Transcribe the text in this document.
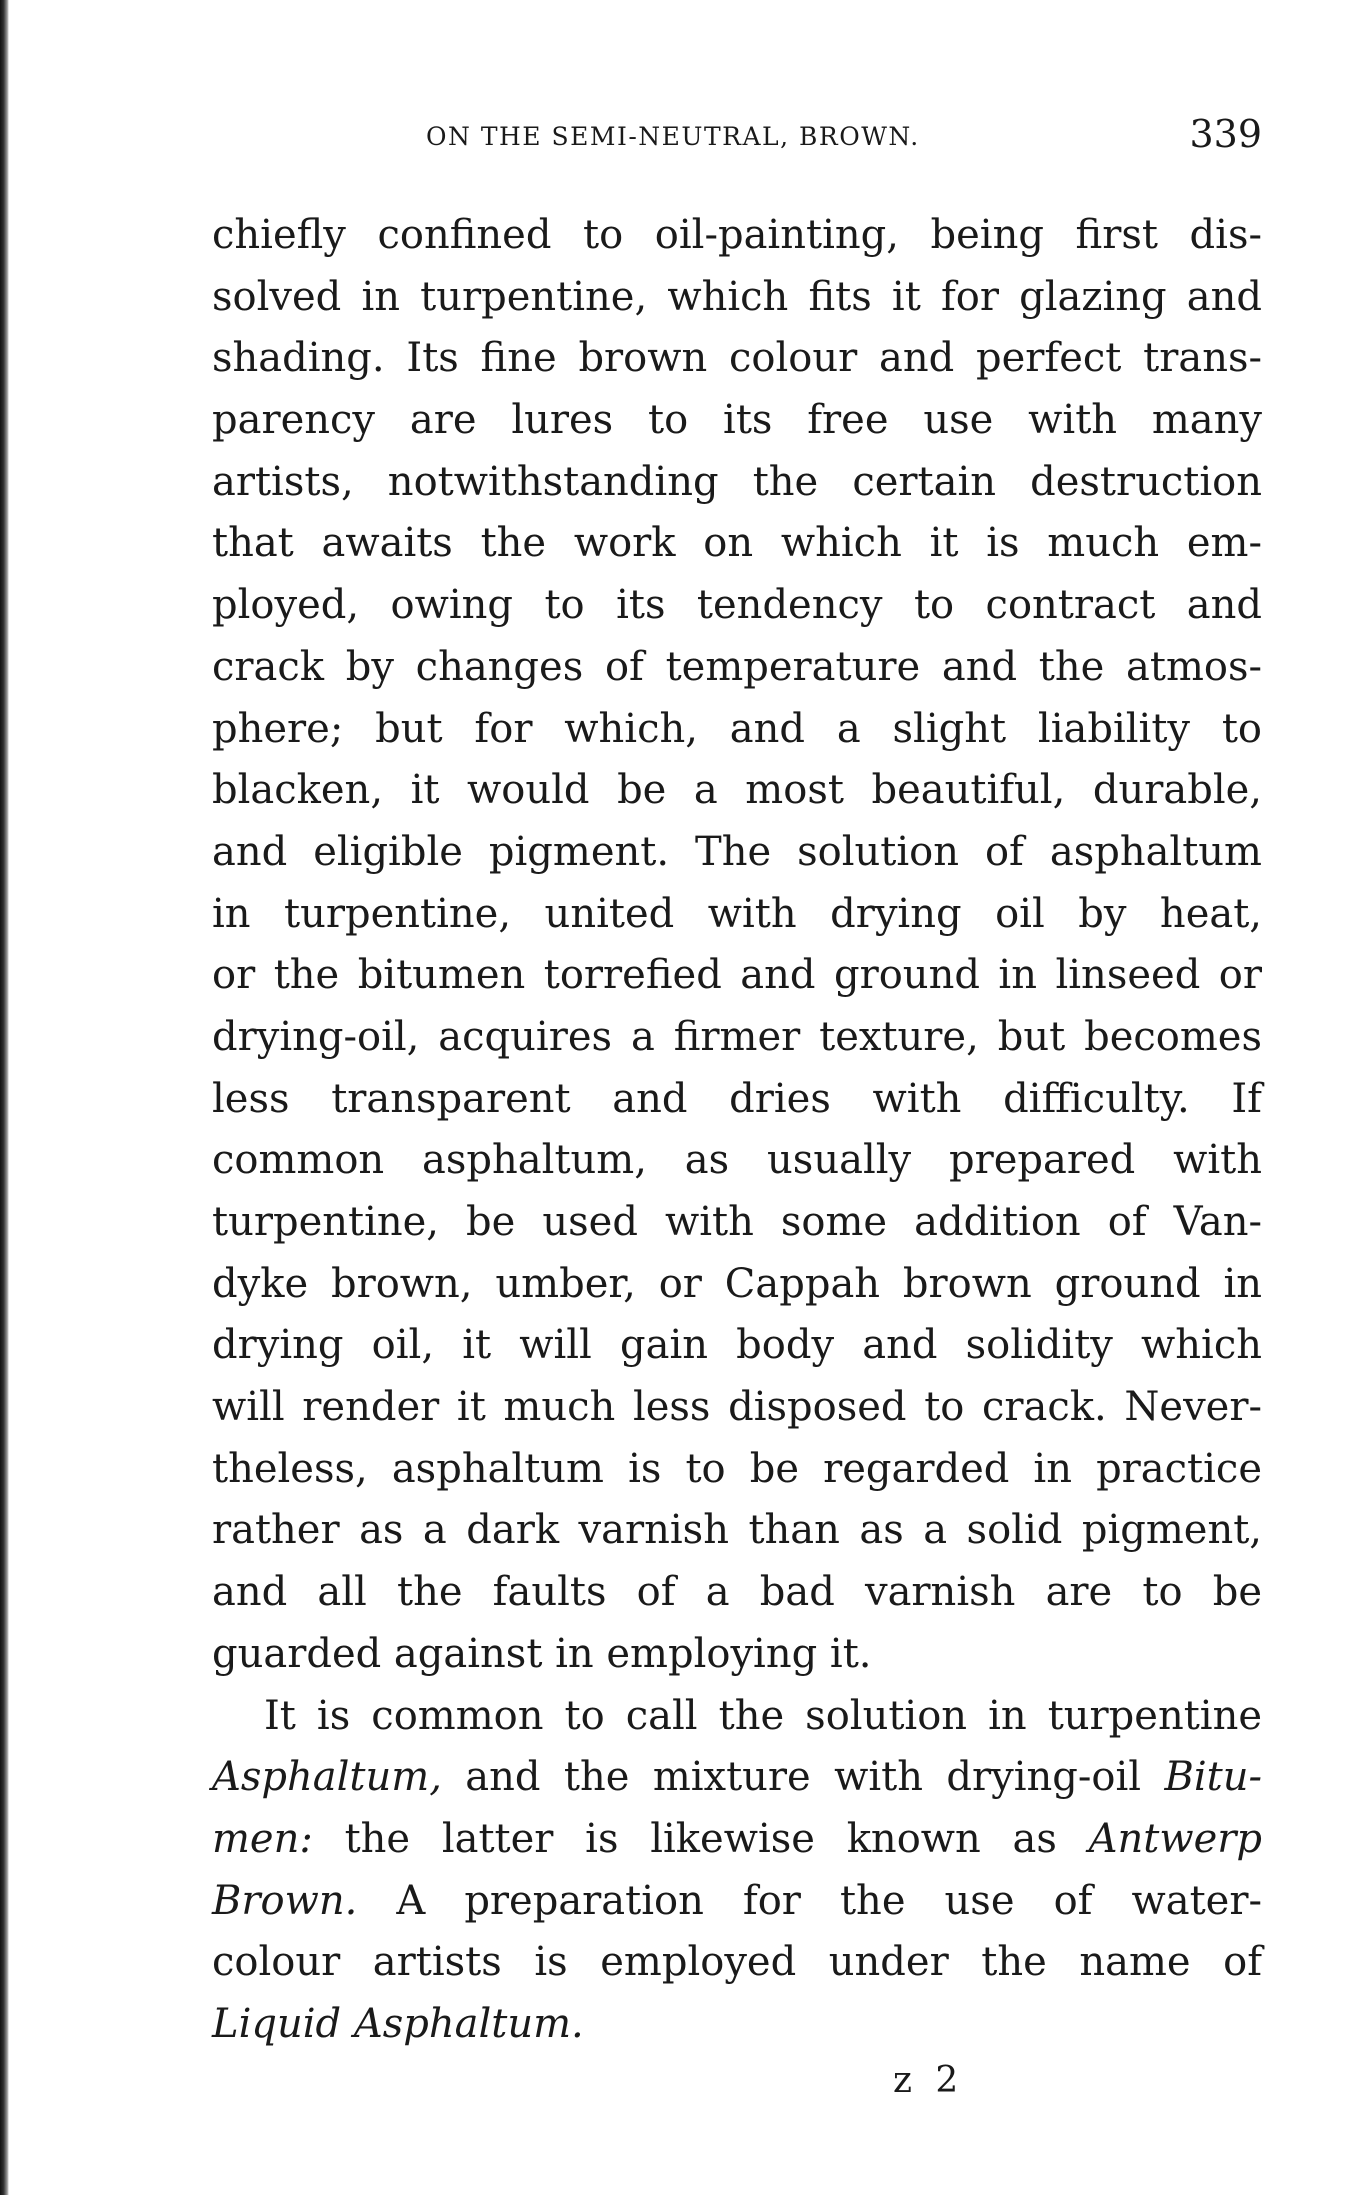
ON THE SEMI-NEUTRAL, BROWN.	339
chiefly confined to oil-painting, being first dis-
solved in turpentine, which fits it for glazing and
shading. Its fine brown colour and perfect trans-
parency are lures to its free use with many
artists, notwithstanding the certain destruction
that awaits the work on which it is much em-
ployed, owing to its tendency to contract and
crack by changes of temperature and the atmos-
phere; but for which, and a slight liability to
blacken, it would be a most beautiful, durable,
and eligible pigment. The solution of asphaltum
in turpentine, united with drying oil by heat,
or the bitumen torrefied and ground in linseed or
drying-oil, acquires a firmer texture, but becomes
less transparent and dries with difficulty. If
common asphaltum, as usually prepared with
turpentine, be used with some addition of Van-
dyke brown, umber, or Cappah brown ground in
drying oil, it will gain body and solidity which
will render it much less disposed to crack. Never-
theless, asphaltum is to be regarded in practice
rather as a dark varnish than as a solid pigment,
and all the faults of a bad varnish are to be
guarded against in employing it.
It is common to call the solution in turpentine
Asphaltum, and the mixture with drying-oil Bitu-
men: the latter is likewise known as Antwerp
Brown. A preparation for the use of water-
colour artists is employed under the name of
Liquid Asphaltum.
z 2
